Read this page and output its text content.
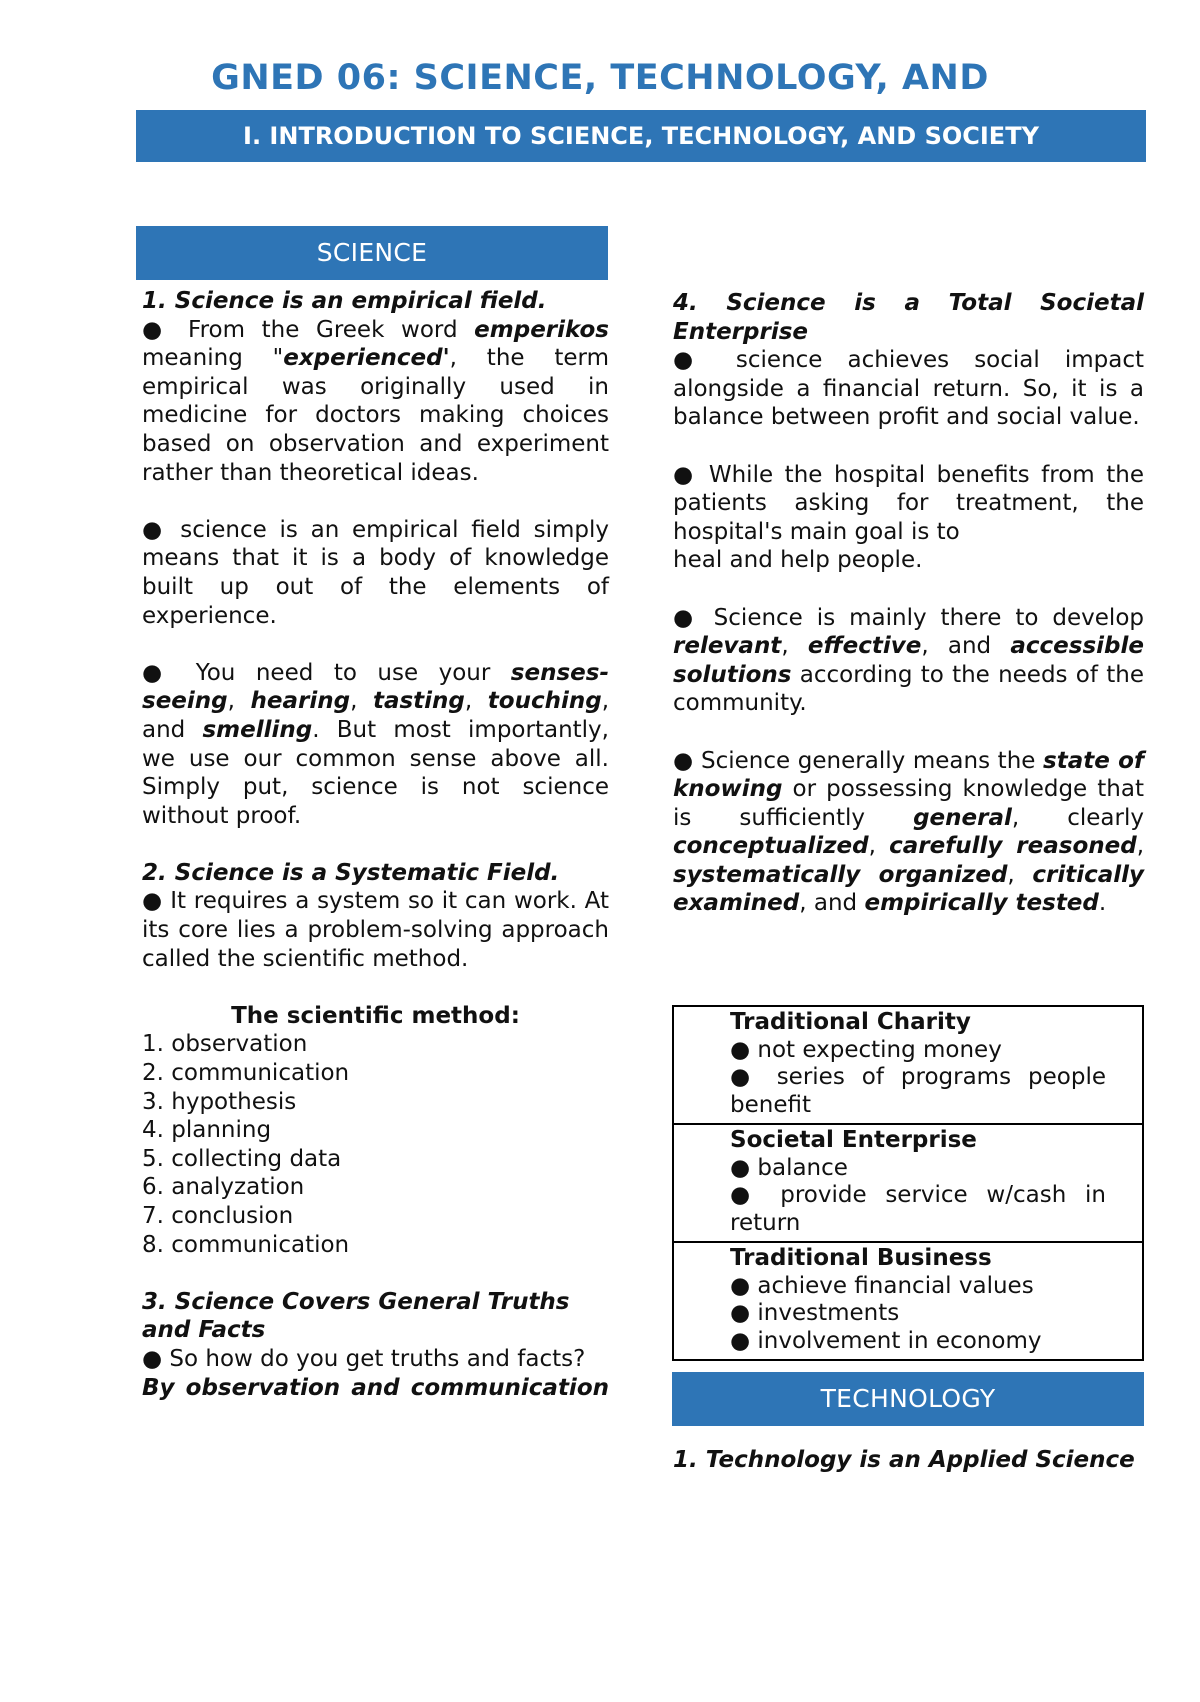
GNED 06: SCIENCE, TECHNOLOGY, AND
I. INTRODUCTION TO SCIENCE, TECHNOLOGY, AND SOCIETY
SCIENCE

1. Science is an empirical field.

● From the Greek word emperikos meaning "experienced', the term empirical was originally used in medicine for doctors making choices based on observation and experiment rather than theoretical ideas.

● science is an empirical field simply means that it is a body of knowledge built up out of the elements of experience.

● You need to use your senses- seeing, hearing, tasting, touching, and smelling. But most importantly, we use our common sense above all. Simply put, science is not science without proof.

2. Science is a Systematic Field.

● It requires a system so it can work. At its core lies a problem-solving approach called the scientific method.

The scientific method:

1. observation

2. communication

3. hypothesis

4. planning

5. collecting data

6. analyzation

7. conclusion

8. communication

3. Science Covers General Truths and Facts

● So how do you get truths and facts?

By observation and communication

4. Science is a Total Societal Enterprise

● science achieves social impact alongside a financial return. So, it is a balance between profit and social value.

● While the hospital benefits from the patients asking for treatment, the hospital's main goal is to
heal and help people.

● Science is mainly there to develop relevant, effective, and accessible solutions according to the needs of the community.

● Science generally means the state of knowing or possessing knowledge that is sufficiently general, clearly conceptualized, carefully reasoned, systematically organized, critically examined, and empirically tested.

Traditional Charity
● not expecting money
● series of programs people benefit

Societal Enterprise
● balance
● provide service w/cash in return

Traditional Business
● achieve financial values
● investments
● involvement in economy
TECHNOLOGY

1. Technology is an Applied Science
